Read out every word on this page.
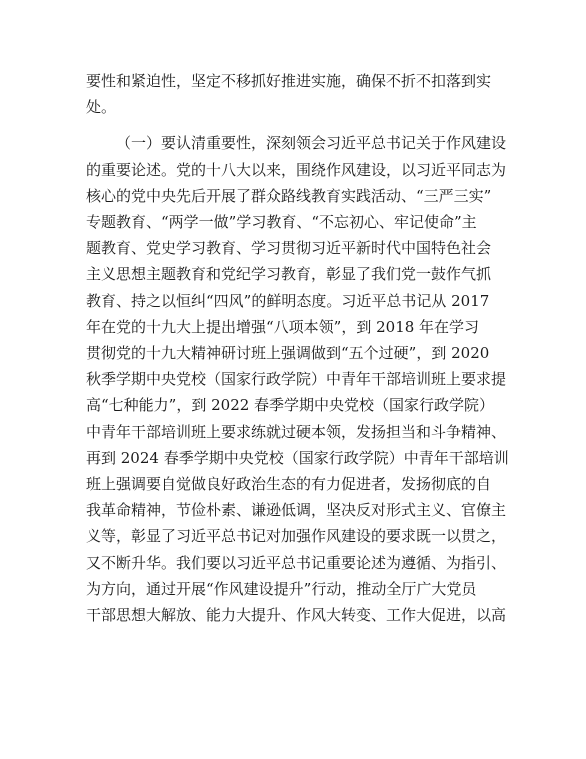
要性和紧迫性，坚定不移抓好推进实施，确保不折不扣落到实
处。

（一）要认清重要性，深刻领会习近平总书记关于作风建设
的重要论述。党的十八大以来，围绕作风建设，以习近平同志为
核心的党中央先后开展了群众路线教育实践活动、“三严三实”
专题教育、“两学一做”学习教育、“不忘初心、牢记使命”主
题教育、党史学习教育、学习贯彻习近平新时代中国特色社会
主义思想主题教育和党纪学习教育，彰显了我们党一鼓作气抓
教育、持之以恒纠“四风”的鲜明态度。习近平总书记从 2017
年在党的十九大上提出增强“八项本领”，到 2018 年在学习
贯彻党的十九大精神研讨班上强调做到“五个过硬”，到 2020
秋季学期中央党校（国家行政学院）中青年干部培训班上要求提
高“七种能力”，到 2022 春季学期中央党校（国家行政学院）
中青年干部培训班上要求练就过硬本领，发扬担当和斗争精神、
再到 2024 春季学期中央党校（国家行政学院）中青年干部培训
班上强调要自觉做良好政治生态的有力促进者，发扬彻底的自
我革命精神，节俭朴素、谦逊低调，坚决反对形式主义、官僚主
义等，彰显了习近平总书记对加强作风建设的要求既一以贯之，
又不断升华。我们要以习近平总书记重要论述为遵循、为指引、
为方向，通过开展“作风建设提升”行动，推动全厅广大党员
干部思想大解放、能力大提升、作风大转变、工作大促进，以高
